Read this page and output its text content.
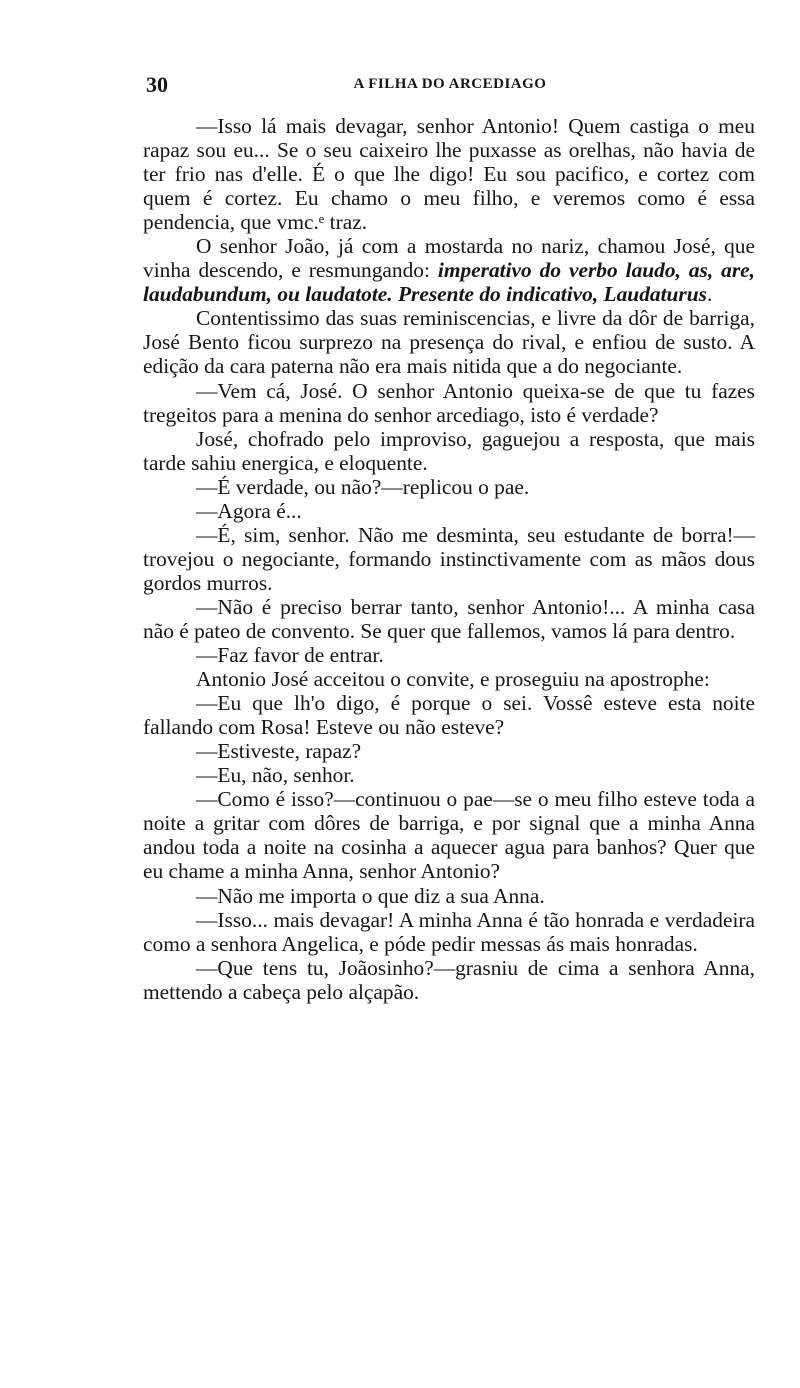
30	A FILHA DO ARCEDIAGO

—Isso lá mais devagar, senhor Antonio! Quem castiga o meu rapaz sou eu... Se o seu caixeiro lhe puxasse as orelhas, não havia de ter frio nas d'elle. É o que lhe digo! Eu sou pacifico, e cortez com quem é cortez. Eu chamo o meu filho, e veremos como é essa pendencia, que vmc.ᵉ traz.

O senhor João, já com a mostarda no nariz, chamou José, que vinha descendo, e resmungando: imperativo do verbo laudo, as, are, laudabundum, ou laudatote. Presente do indicativo, Laudaturus.

Contentissimo das suas reminiscencias, e livre da dôr de barriga, José Bento ficou surprezo na presença do rival, e enfiou de susto. A edição da cara paterna não era mais nitida que a do negociante.

—Vem cá, José. O senhor Antonio queixa-se de que tu fazes tregeitos para a menina do senhor arcediago, isto é verdade?

José, chofrado pelo improviso, gaguejou a resposta, que mais tarde sahiu energica, e eloquente.

—É verdade, ou não?—replicou o pae.

—Agora é...

—É, sim, senhor. Não me desminta, seu estudante de borra!—trovejou o negociante, formando instinctivamente com as mãos dous gordos murros.

—Não é preciso berrar tanto, senhor Antonio!... A minha casa não é pateo de convento. Se quer que fallemos, vamos lá para dentro.

—Faz favor de entrar.

Antonio José acceitou o convite, e proseguiu na apostrophe:

—Eu que lh'o digo, é porque o sei. Vossê esteve esta noite fallando com Rosa! Esteve ou não esteve?

—Estiveste, rapaz?

—Eu, não, senhor.

—Como é isso?—continuou o pae—se o meu filho esteve toda a noite a gritar com dôres de barriga, e por signal que a minha Anna andou toda a noite na cosinha a aquecer agua para banhos? Quer que eu chame a minha Anna, senhor Antonio?

—Não me importa o que diz a sua Anna.

—Isso... mais devagar! A minha Anna é tão honrada e verdadeira como a senhora Angelica, e póde pedir messas ás mais honradas.

—Que tens tu, Joãosinho?—grasniu de cima a senhora Anna, mettendo a cabeça pelo alçapão.
